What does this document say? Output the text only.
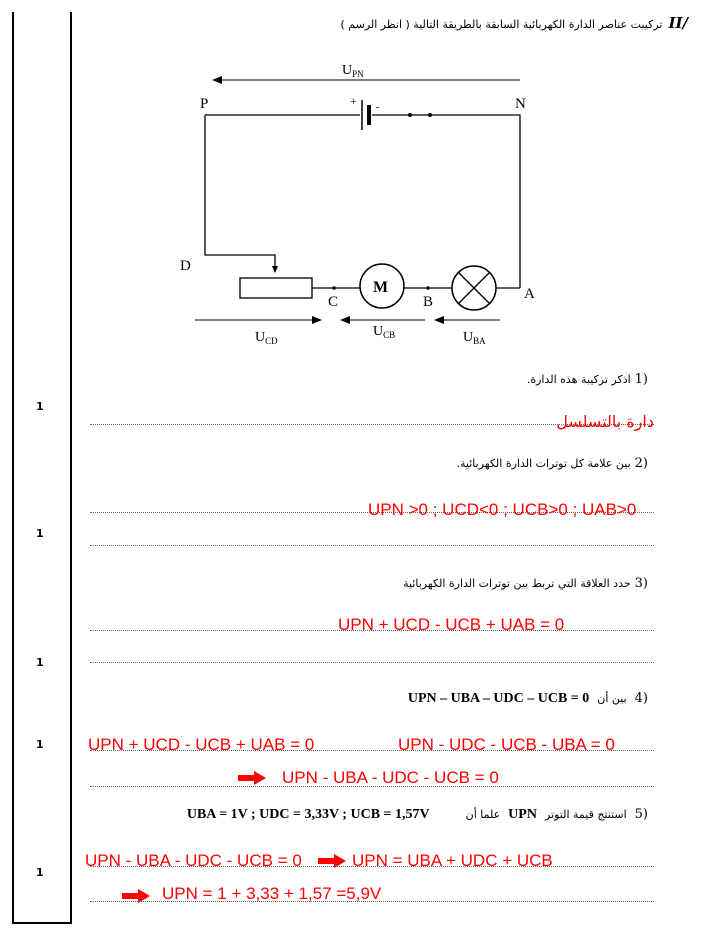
1
1
1
1
1
تركيبت عناصر الدارة الكهربائية السابقة بالطريقة التالية ( انظر الرسم ) II/
$U_{PN}$
+ -
M
P	N
D
C	B	A
$U_{CD}$
$U_{CB}$	$U_{BA}$
اذكر تركيبة هذه الدارة. 1)
دارة بالتسلسل
بين علامة كل توترات الدارة الكهربائية. 2)
UPN >0 ; UCD<0 ; UCB>0 ; UAB>0
حدد العلاقة التي تربط بين توترات الدارة الكهربائية 3)
UPN + UCD - UCB + UAB = 0
UPN – UBA – UDC – UCB = 0 بين أن 4)
UPN + UCD - UCB + UAB = 0	UPN - UDC - UCB - UBA = 0
UPN - UBA - UDC - UCB = 0
UBA = 1V ; UDC = 3,33V ; UCB = 1,57V	علما أن UPN استنتج قيمة التوتر 5)
UPN - UBA - UDC - UCB = 0	UPN = UBA + UDC + UCB
UPN = 1 + 3,33 + 1,57 =5,9V
